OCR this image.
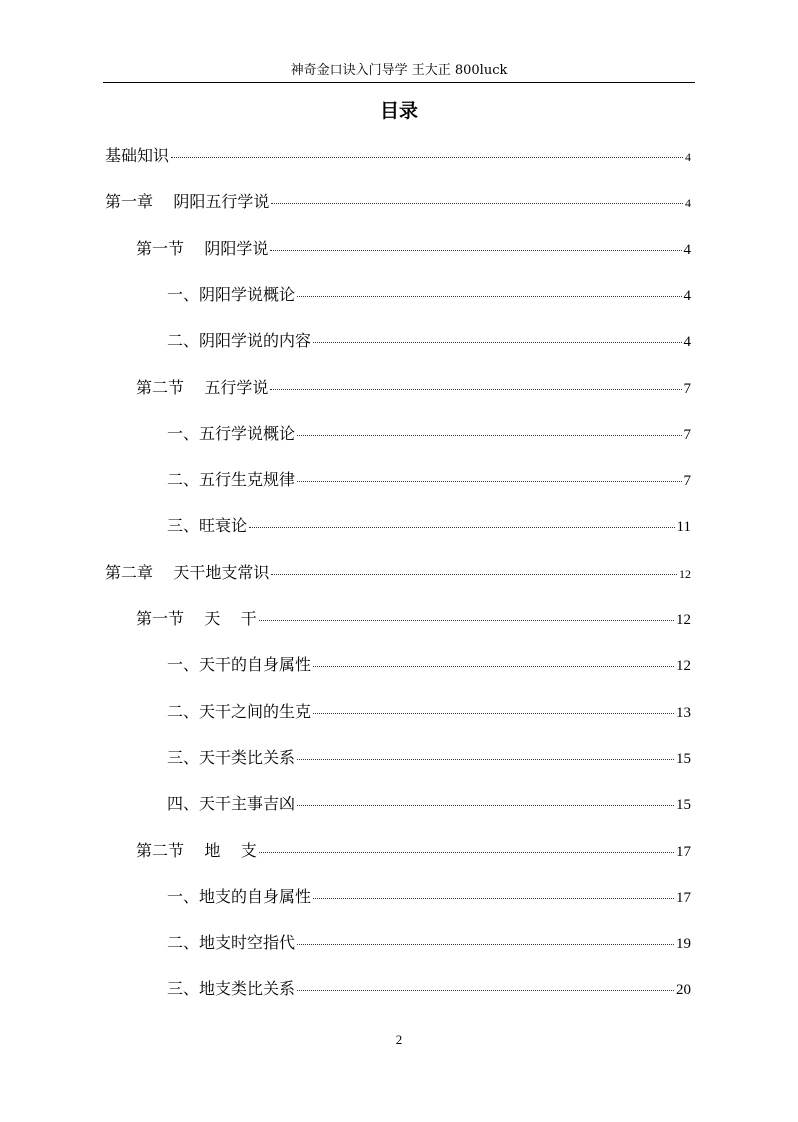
神奇金口诀入门导学 王大正 800luck
目录
基础知识	4
第一章    阴阳五行学说	4
第一节    阴阳学说	4
一、阴阳学说概论	4
二、阴阳学说的内容	4
第二节    五行学说	7
一、五行学说概论	7
二、五行生克规律	7
三、旺衰论	11
第二章    天干地支常识	12
第一节    天    干	12
一、天干的自身属性	12
二、天干之间的生克	13
三、天干类比关系	15
四、天干主事吉凶	15
第二节    地    支	17
一、地支的自身属性	17
二、地支时空指代	19
三、地支类比关系	20
2
